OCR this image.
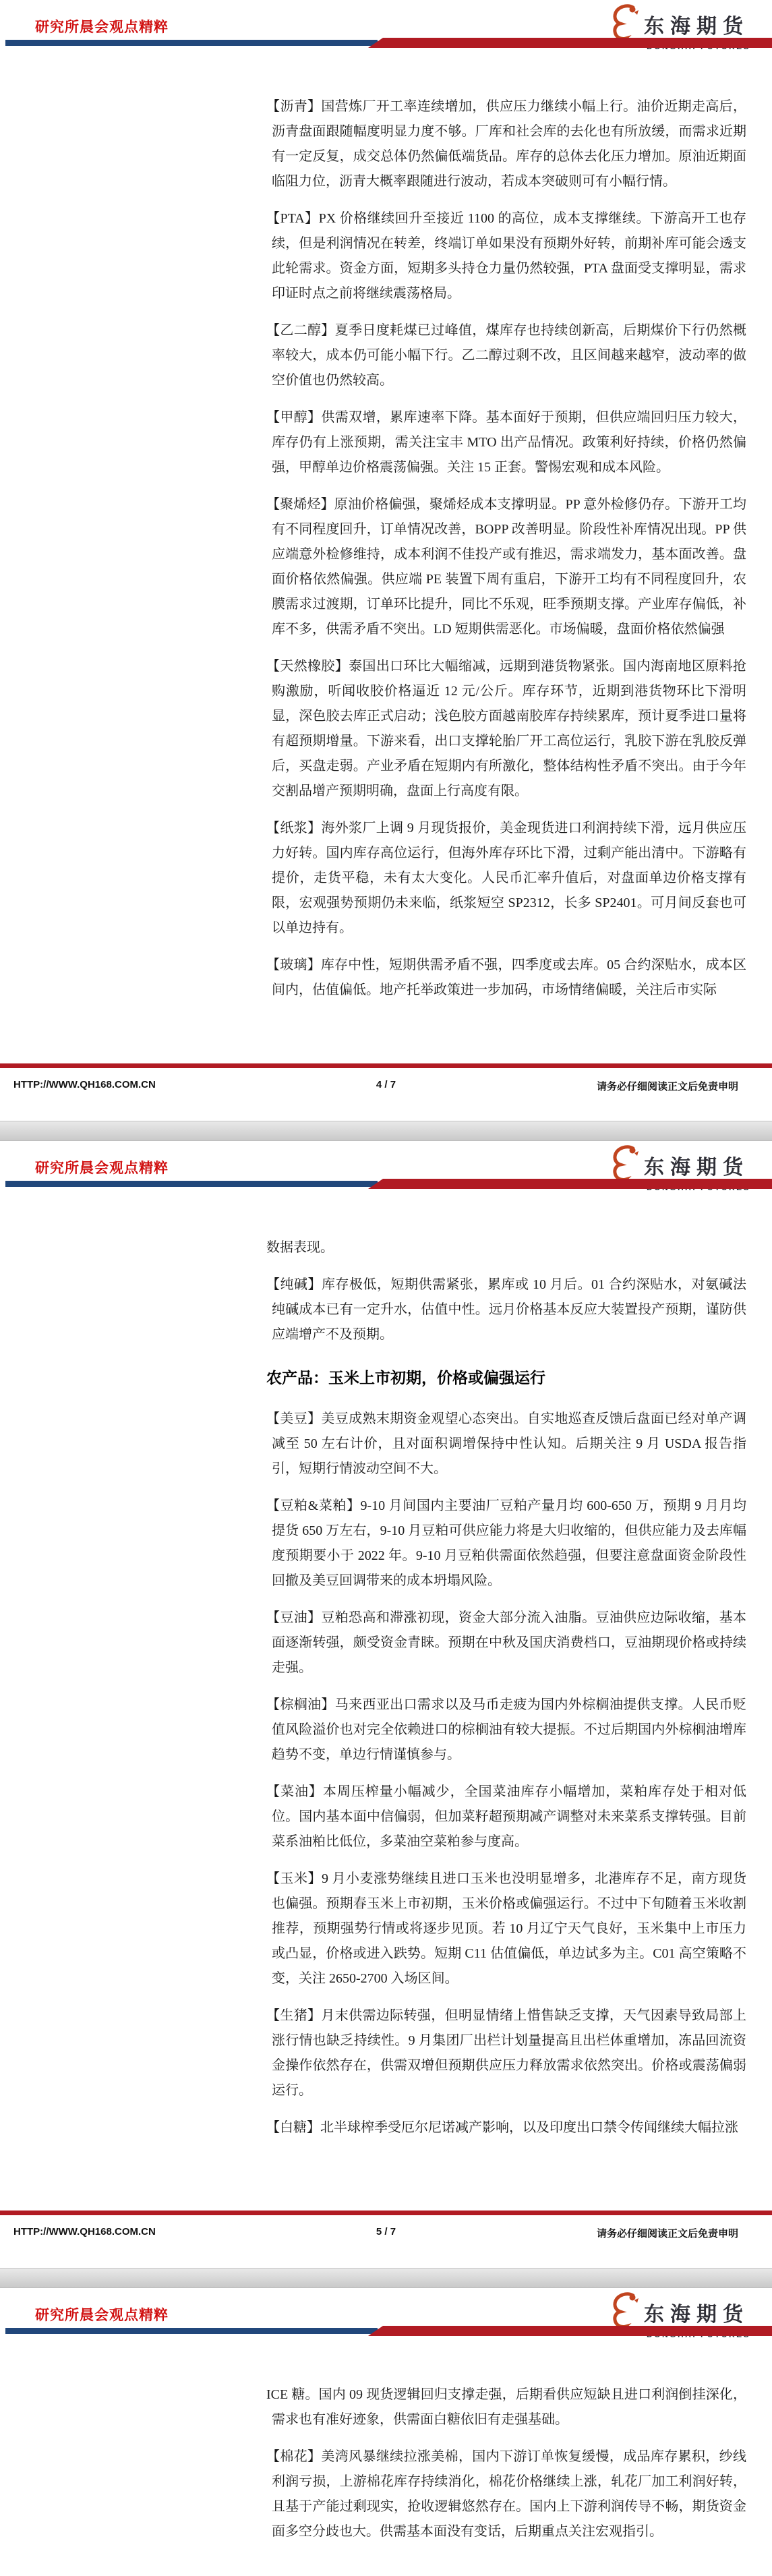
研究所晨会观点精粹	东海期货

【沥青】国营炼厂开工率连续增加，供应压力继续小幅上行。油价近期走高后，沥青盘面跟随幅度明显力度不够。厂库和社会库的去化也有所放缓，而需求近期有一定反复，成交总体仍然偏低端货品。库存的总体去化压力增加。原油近期面临阻力位，沥青大概率跟随进行波动，若成本突破则可有小幅行情。

【PTA】PX 价格继续回升至接近 1100 的高位，成本支撑继续。下游高开工也存续，但是利润情况在转差，终端订单如果没有预期外好转，前期补库可能会透支此轮需求。资金方面，短期多头持仓力量仍然较强，PTA 盘面受支撑明显，需求印证时点之前将继续震荡格局。

【乙二醇】夏季日度耗煤已过峰值，煤库存也持续创新高，后期煤价下行仍然概率较大，成本仍可能小幅下行。乙二醇过剩不改，且区间越来越窄，波动率的做空价值也仍然较高。

【甲醇】供需双增，累库速率下降。基本面好于预期，但供应端回归压力较大，库存仍有上涨预期，需关注宝丰 MTO 出产品情况。政策利好持续，价格仍然偏强，甲醇单边价格震荡偏强。关注 15 正套。警惕宏观和成本风险。

【聚烯烃】原油价格偏强，聚烯烃成本支撑明显。PP 意外检修仍存。下游开工均有不同程度回升，订单情况改善，BOPP 改善明显。阶段性补库情况出现。PP 供应端意外检修维持，成本利润不佳投产或有推迟，需求端发力，基本面改善。盘面价格依然偏强。供应端 PE 装置下周有重启，下游开工均有不同程度回升，农膜需求过渡期，订单环比提升，同比不乐观，旺季预期支撑。产业库存偏低，补库不多，供需矛盾不突出。LD 短期供需恶化。市场偏暖，盘面价格依然偏强

【天然橡胶】泰国出口环比大幅缩减，远期到港货物紧张。国内海南地区原料抢购激励，听闻收胶价格逼近 12 元/公斤。库存环节，近期到港货物环比下滑明显，深色胶去库正式启动；浅色胶方面越南胶库存持续累库，预计夏季进口量将有超预期增量。下游来看，出口支撑轮胎厂开工高位运行，乳胶下游在乳胶反弹后，买盘走弱。产业矛盾在短期内有所激化，整体结构性矛盾不突出。由于今年交割品增产预期明确，盘面上行高度有限。

【纸浆】海外浆厂上调 9 月现货报价，美金现货进口利润持续下滑，远月供应压力好转。国内库存高位运行，但海外库存环比下滑，过剩产能出清中。下游略有提价，走货平稳，未有太大变化。人民币汇率升值后，对盘面单边价格支撑有限，宏观强势预期仍未来临，纸浆短空 SP2312，长多 SP2401。可月间反套也可以单边持有。

【玻璃】库存中性，短期供需矛盾不强，四季度或去库。05 合约深贴水，成本区间内，估值偏低。地产托举政策进一步加码，市场情绪偏暖，关注后市实际

HTTP://WWW.QH168.COM.CN	4 / 7	请务必仔细阅读正文后免责申明
研究所晨会观点精粹	东海期货

数据表现。

【纯碱】库存极低，短期供需紧张，累库或 10 月后。01 合约深贴水，对氨碱法纯碱成本已有一定升水，估值中性。远月价格基本反应大装置投产预期，谨防供应端增产不及预期。

农产品：玉米上市初期，价格或偏强运行

【美豆】美豆成熟末期资金观望心态突出。自实地巡查反馈后盘面已经对单产调减至 50 左右计价，且对面积调增保持中性认知。后期关注 9 月 USDA 报告指引，短期行情波动空间不大。

【豆粕&菜粕】9-10 月间国内主要油厂豆粕产量月均 600-650 万，预期 9 月月均提货 650 万左右，9-10 月豆粕可供应能力将是大归收缩的，但供应能力及去库幅度预期要小于 2022 年。9-10 月豆粕供需面依然趋强，但要注意盘面资金阶段性回撤及美豆回调带来的成本坍塌风险。

【豆油】豆粕恐高和滞涨初现，资金大部分流入油脂。豆油供应边际收缩，基本面逐渐转强，颇受资金青睐。预期在中秋及国庆消费档口，豆油期现价格或持续走强。

【棕榈油】马来西亚出口需求以及马币走疲为国内外棕榈油提供支撑。人民币贬值风险溢价也对完全依赖进口的棕榈油有较大提振。不过后期国内外棕榈油增库趋势不变，单边行情谨慎参与。

【菜油】本周压榨量小幅减少，全国菜油库存小幅增加，菜粕库存处于相对低位。国内基本面中信偏弱，但加菜籽超预期减产调整对未来菜系支撑转强。目前菜系油粕比低位，多菜油空菜粕参与度高。

【玉米】9 月小麦涨势继续且进口玉米也没明显增多，北港库存不足，南方现货也偏强。预期春玉米上市初期，玉米价格或偏强运行。不过中下旬随着玉米收割推荐，预期强势行情或将逐步见顶。若 10 月辽宁天气良好，玉米集中上市压力或凸显，价格或进入跌势。短期 C11 估值偏低，单边试多为主。C01 高空策略不变，关注 2650-2700 入场区间。

【生猪】月末供需边际转强，但明显情绪上惜售缺乏支撑，天气因素导致局部上涨行情也缺乏持续性。9 月集团厂出栏计划量提高且出栏体重增加，冻品回流资金操作依然存在，供需双增但预期供应压力释放需求依然突出。价格或震荡偏弱运行。

【白糖】北半球榨季受厄尔尼诺减产影响，以及印度出口禁令传闻继续大幅拉涨

HTTP://WWW.QH168.COM.CN	5 / 7	请务必仔细阅读正文后免责申明
研究所晨会观点精粹	东海期货

ICE 糖。国内 09 现货逻辑回归支撑走强，后期看供应短缺且进口利润倒挂深化，需求也有准好迹象，供需面白糖依旧有走强基础。

【棉花】美湾风暴继续拉涨美棉，国内下游订单恢复缓慢，成品库存累积，纱线利润亏损，上游棉花库存持续消化，棉花价格继续上涨，轧花厂加工利润好转，且基于产能过剩现实，抢收逻辑悠然存在。国内上下游利润传导不畅，期货资金面多空分歧也大。供需基本面没有变话，后期重点关注宏观指引。
